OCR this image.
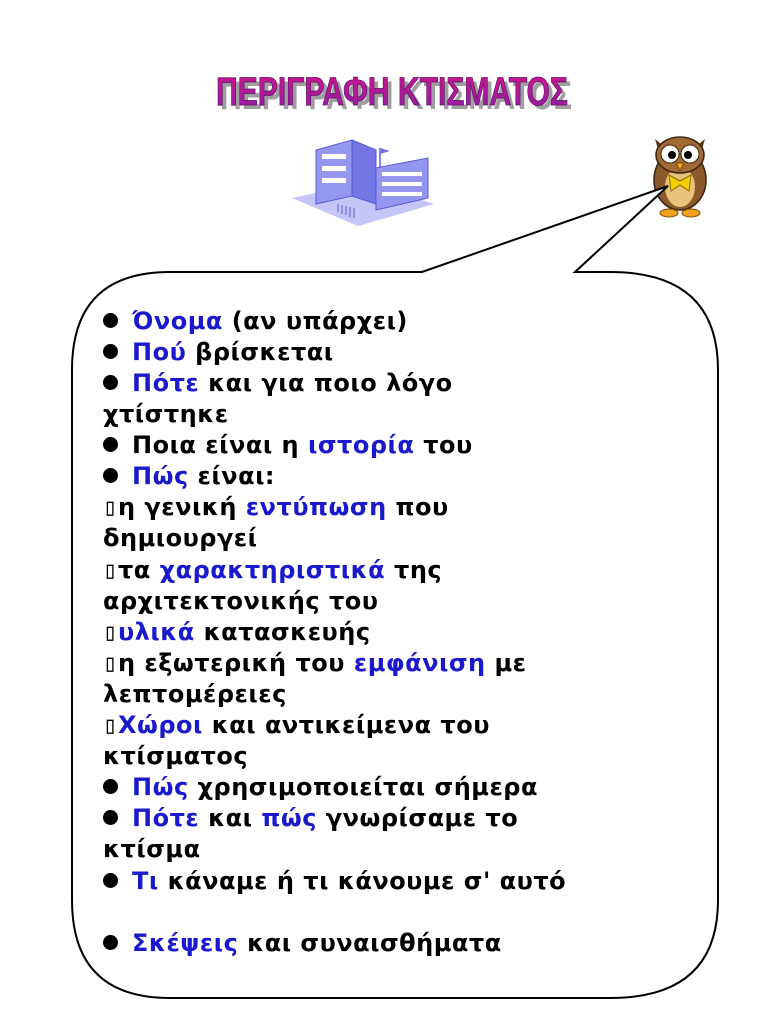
ΠΕΡΙΓΡΑΦΗ ΚΤΙΣΜΑΤΟΣ
ΠΕΡΙΓΡΑΦΗ ΚΤΙΣΜΑΤΟΣ
Όνομα (αν υπάρχει)
Πού βρίσκεται
Πότε και για ποιο λόγο
χτίστηκε
Ποια είναι η ιστορία του
Πώς είναι:
▯η γενική εντύπωση που
δημιουργεί
▯τα χαρακτηριστικά της
αρχιτεκτονικής του
▯υλικά κατασκευής
▯η εξωτερική του εμφάνιση με
λεπτομέρειες
▯Χώροι και αντικείμενα του
κτίσματος
Πώς χρησιμοποιείται σήμερα
Πότε και πώς γνωρίσαμε το
κτίσμα
Τι κάναμε ή τι κάνουμε σ' αυτό
Σκέψεις και συναισθήματα
